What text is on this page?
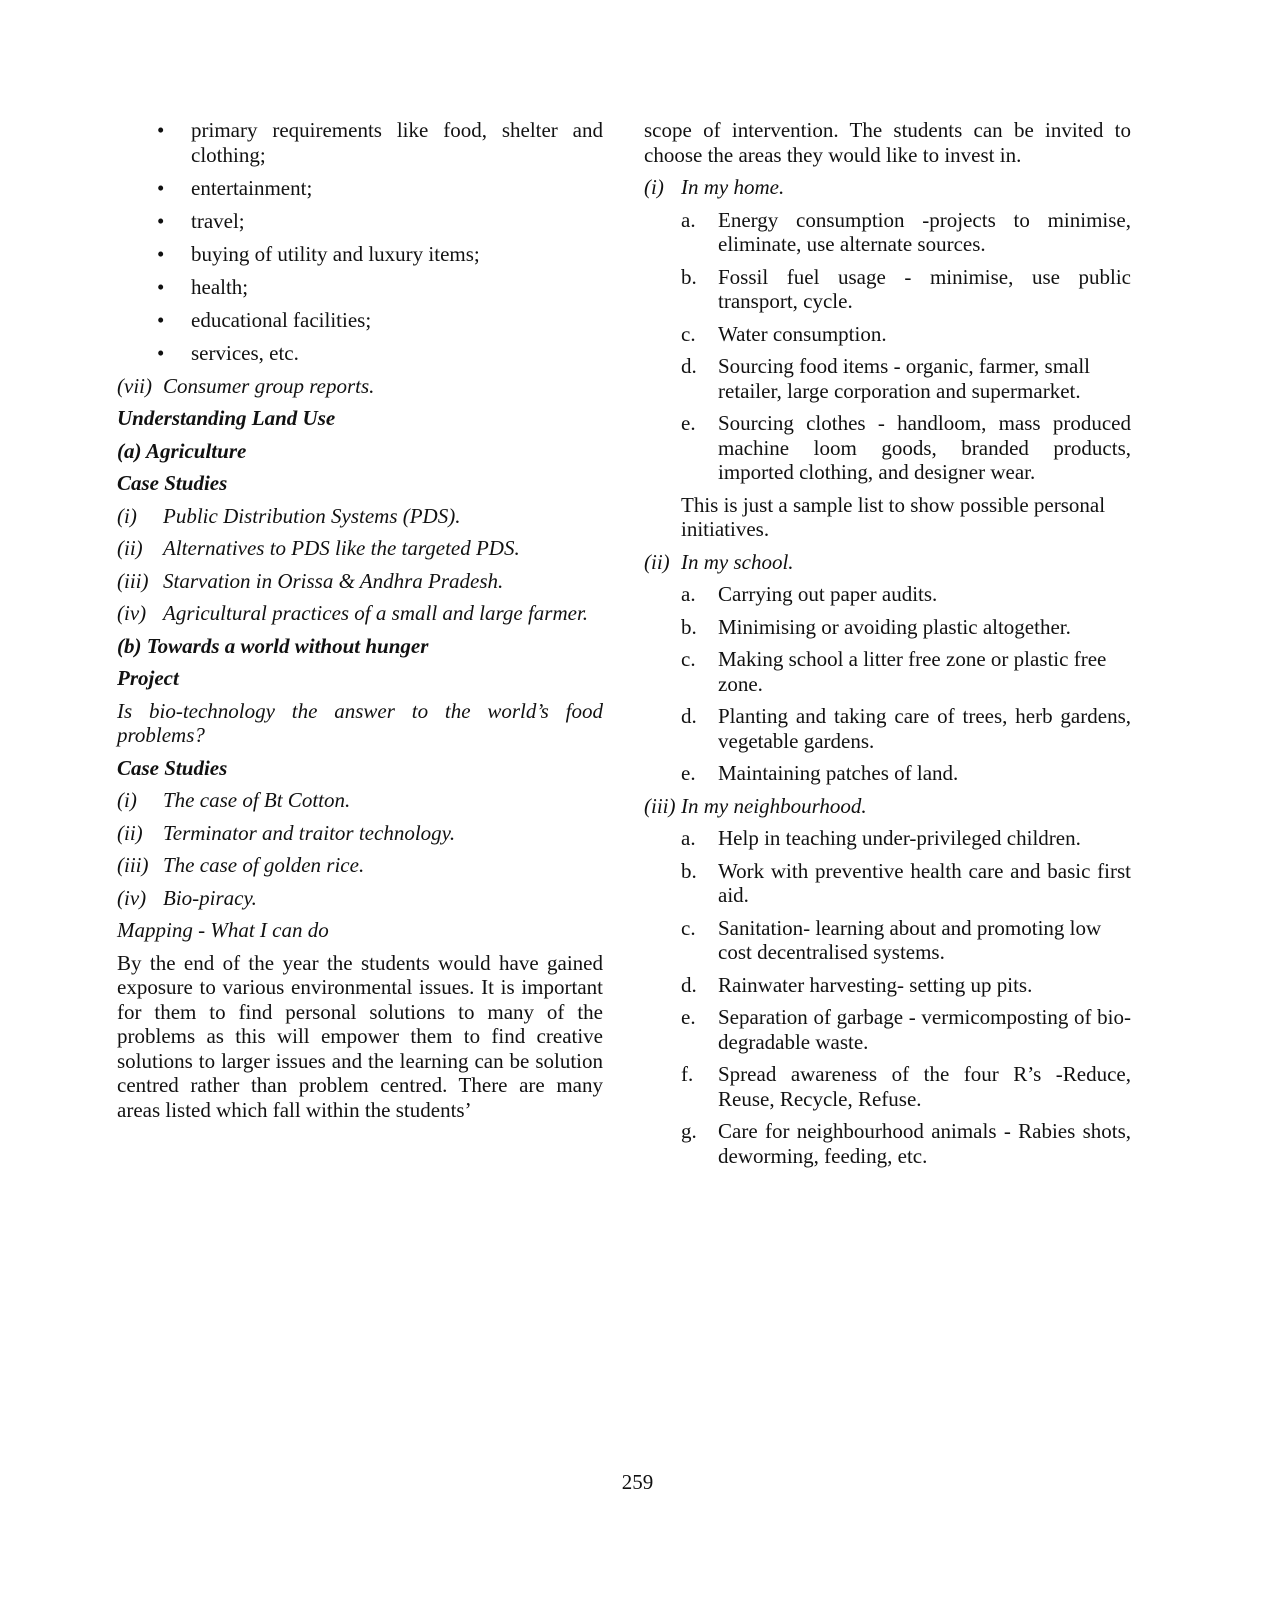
• primary requirements like food, shelter and clothing;
• entertainment;
• travel;
• buying of utility and luxury items;
• health;
• educational facilities;
• services, etc.
(vii) Consumer group reports.
Understanding Land Use
(a) Agriculture
Case Studies
(i) Public Distribution Systems (PDS).
(ii) Alternatives to PDS like the targeted PDS.
(iii) Starvation in Orissa & Andhra Pradesh.
(iv) Agricultural practices of a small and large farmer.
(b) Towards a world without hunger
Project
Is bio-technology the answer to the world’s food problems?
Case Studies
(i) The case of Bt Cotton.
(ii) Terminator and traitor technology.
(iii) The case of golden rice.
(iv) Bio-piracy.
Mapping - What I can do
By the end of the year the students would have gained exposure to various environmental issues. It is important for them to find personal solutions to many of the problems as this will empower them to find creative solutions to larger issues and the learning can be solution centred rather than problem centred. There are many areas listed which fall within the students’
scope of intervention. The students can be invited to choose the areas they would like to invest in.
(i) In my home.
a. Energy consumption -projects to minimise, eliminate, use alternate sources.
b. Fossil fuel usage - minimise, use public transport, cycle.
c. Water consumption.
d. Sourcing food items - organic, farmer, small retailer, large corporation and supermarket.
e. Sourcing clothes - handloom, mass produced machine loom goods, branded products, imported clothing, and designer wear.
This is just a sample list to show possible personal initiatives.
(ii) In my school.
a. Carrying out paper audits.
b. Minimising or avoiding plastic altogether.
c. Making school a litter free zone or plastic free zone.
d. Planting and taking care of trees, herb gardens, vegetable gardens.
e. Maintaining patches of land.
(iii) In my neighbourhood.
a. Help in teaching under-privileged children.
b. Work with preventive health care and basic first aid.
c. Sanitation- learning about and promoting low cost decentralised systems.
d. Rainwater harvesting- setting up pits.
e. Separation of garbage - vermicomposting of bio-degradable waste.
f. Spread awareness of the four R’s -Reduce, Reuse, Recycle, Refuse.
g. Care for neighbourhood animals - Rabies shots, deworming, feeding, etc.
259
